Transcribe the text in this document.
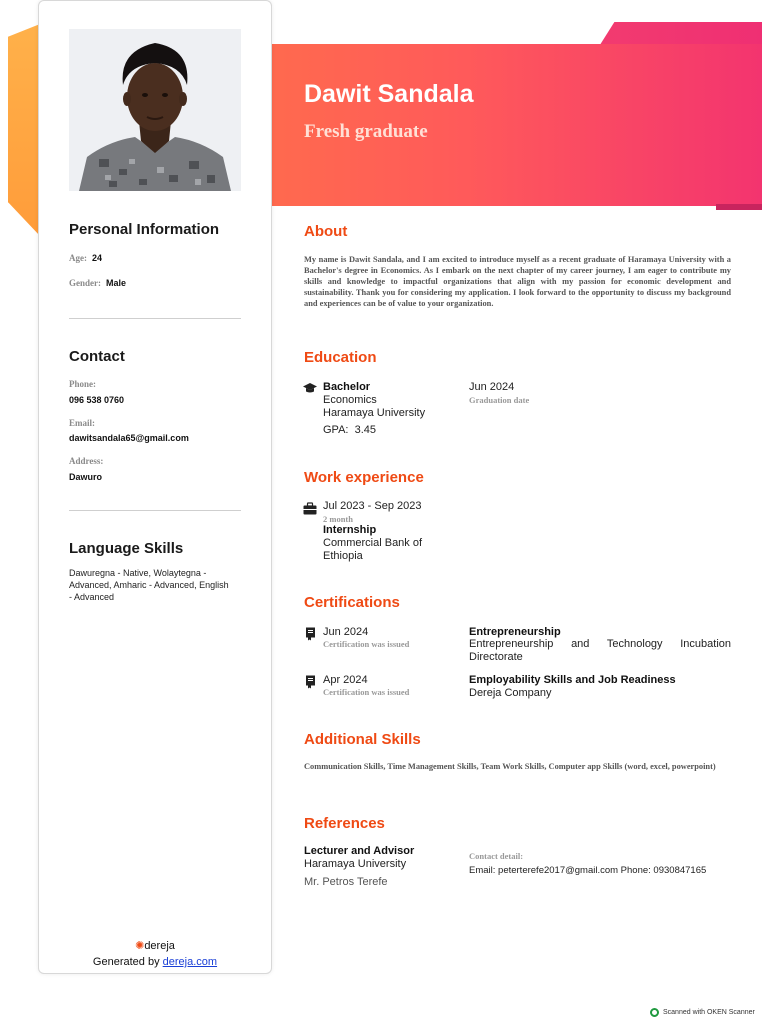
Personal Information
Age: 24
Gender: Male
Contact
Phone:
096 538 0760
Email:
dawitsandala65@gmail.com
Address:
Dawuro
Language Skills
Dawuregna - Native, Wolaytegna - Advanced, Amharic - Advanced, English - Advanced
✺dereja
Generated by dereja.com
Dawit Sandala
Fresh graduate
About
My name is Dawit Sandala, and I am excited to introduce myself as a recent graduate of Haramaya University with a Bachelor's degree in Economics. As I embark on the next chapter of my career journey, I am eager to contribute my skills and knowledge to impactful organizations that align with my passion for economic development and sustainability. Thank you for considering my application. I look forward to the opportunity to discuss my background and experiences can be of value to your organization.
Education
Bachelor
Economics
Haramaya University
GPA: 3.45
Jun 2024
Graduation date
Work experience
Jul 2023 - Sep 2023
2 month
Internship
Commercial Bank of Ethiopia
Certifications
Jun 2024
Certification was issued
Entrepreneurship
Entrepreneurship and Technology Incubation Directorate
Apr 2024
Certification was issued
Employability Skills and Job Readiness
Dereja Company
Additional Skills
Communication Skills, Time Management Skills, Team Work Skills, Computer app Skills (word, excel, powerpoint)
References
Lecturer and Advisor
Haramaya University
Mr. Petros Terefe
Contact detail:
Email: peterterefe2017@gmail.com Phone: 0930847165
Scanned with OKEN Scanner
